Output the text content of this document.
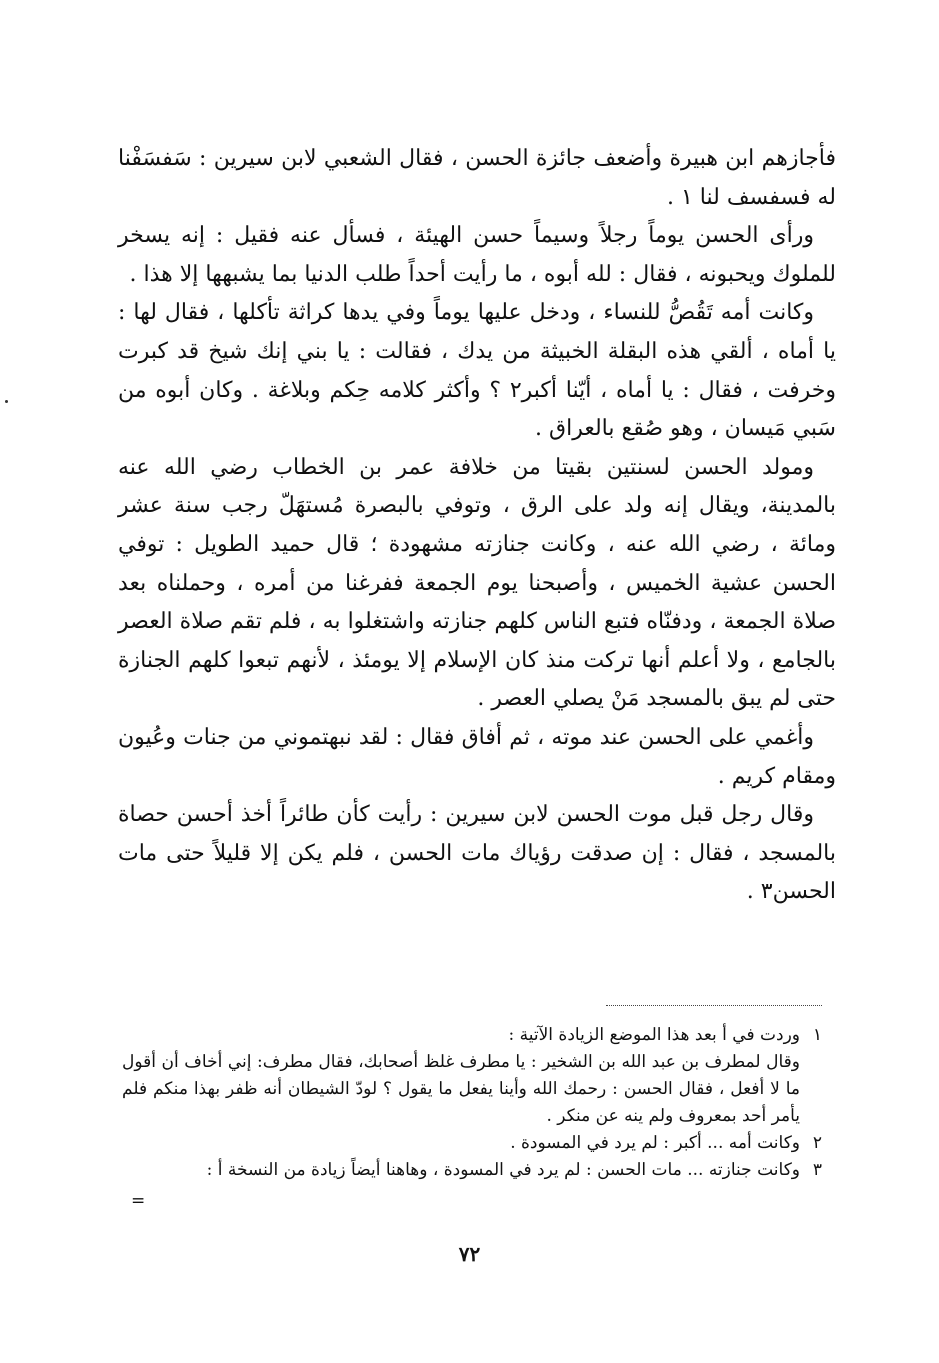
فأجازهم ابن هبيرة وأضعف جائزة الحسن ، فقال الشعبي لابن سيرين : سَفسَفْنا له فسفسف لنا ١ .

ورأى الحسن يوماً رجلاً وسيماً حسن الهيئة ، فسأل عنه فقيل : إنه يسخر للملوك ويحبونه ، فقال : لله أبوه ، ما رأيت أحداً طلب الدنيا بما يشبهها إلا هذا .

وكانت أمه تَقُصُّ للنساء ، ودخل عليها يوماً وفي يدها كراثة تأكلها ، فقال لها : يا أماه ، ألقي هذه البقلة الخبيثة من يدك ، فقالت : يا بني إنك شيخ قد كبرت وخرفت ، فقال : يا أماه ، أيّنا أكبر٢ ؟ وأكثر كلامه حِكم وبلاغة . وكان أبوه من سَبي مَيسان ، وهو صُقع بالعراق .

ومولد الحسن لسنتين بقيتا من خلافة عمر بن الخطاب رضي الله عنه بالمدينة، ويقال إنه ولد على الرق ، وتوفي بالبصرة مُستهَلّ رجب سنة عشر ومائة ، رضي الله عنه ، وكانت جنازته مشهودة ؛ قال حميد الطويل : توفي الحسن عشية الخميس ، وأصبحنا يوم الجمعة ففرغنا من أمره ، وحملناه بعد صلاة الجمعة ، ودفنّاه فتبع الناس كلهم جنازته واشتغلوا به ، فلم تقم صلاة العصر بالجامع ، ولا أعلم أنها تركت منذ كان الإسلام إلا يومئذ ، لأنهم تبعوا كلهم الجنازة حتى لم يبق بالمسجد مَنْ يصلي العصر .

وأغمي على الحسن عند موته ، ثم أفاق فقال : لقد نبهتموني من جنات وعُيون ومقام كريم .

وقال رجل قبل موت الحسن لابن سيرين : رأيت كأن طائراً أخذ أحسن حصاة بالمسجد ، فقال : إن صدقت رؤياك مات الحسن ، فلم يكن إلا قليلاً حتى مات الحسن٣ .

١
وردت في أ بعد هذا الموضع الزيادة الآتية :
وقال لمطرف بن عبد الله بن الشخير : يا مطرف غلظ أصحابك، فقال مطرف: إني أخاف أن أقول ما لا أفعل ، فقال الحسن : رحمك الله وأينا يفعل ما يقول ؟ لودّ الشيطان أنه ظفر بهذا منكم فلم يأمر أحد بمعروف ولم ينه عن منكر .
٢
وكانت أمه ... أكبر : لم يرد في المسودة .
٣
وكانت جنازته ... مات الحسن : لم يرد في المسودة ، وهاهنا أيضاً زيادة من النسخة أ :
=
٧٢
